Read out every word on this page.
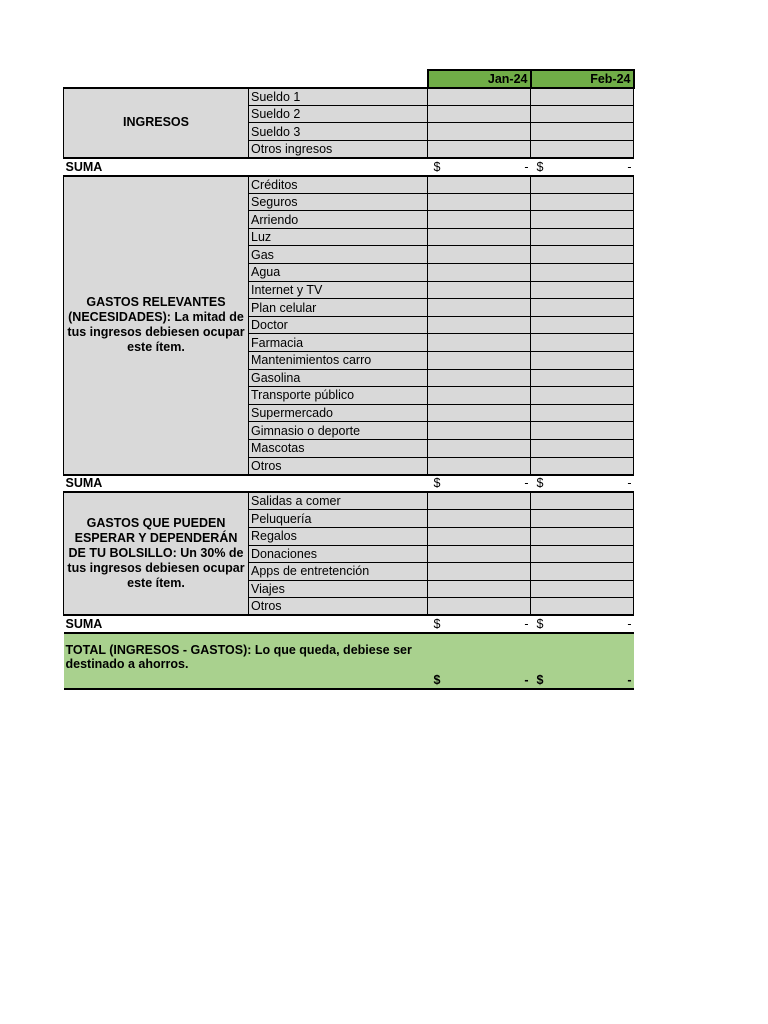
		Jan-24	Feb-24
INGRESOS	Sueldo 1		
	Sueldo 2		
	Sueldo 3		
	Otros ingresos		
SUMA		$ -	$ -

GASTOS RELEVANTES (NECESIDADES): La mitad de tus ingresos debiesen ocupar este ítem.	Créditos		
	Seguros		
	Arriendo		
	Luz		
	Gas		
	Agua		
	Internet y TV		
	Plan celular		
	Doctor		
	Farmacia		
	Mantenimientos carro		
	Gasolina		
	Transporte público		
	Supermercado		
	Gimnasio o deporte		
	Mascotas		
	Otros		
SUMA		$ -	$ -

GASTOS QUE PUEDEN ESPERAR Y DEPENDERÁN DE TU BOLSILLO: Un 30% de tus ingresos debiesen ocupar este ítem.	Salidas a comer		
	Peluquería		
	Regalos		
	Donaciones		
	Apps de entretención		
	Viajes		
	Otros		
SUMA		$ -	$ -

TOTAL (INGRESOS - GASTOS): Lo que queda, debiese ser destinado a ahorros.		$ -	$ -
